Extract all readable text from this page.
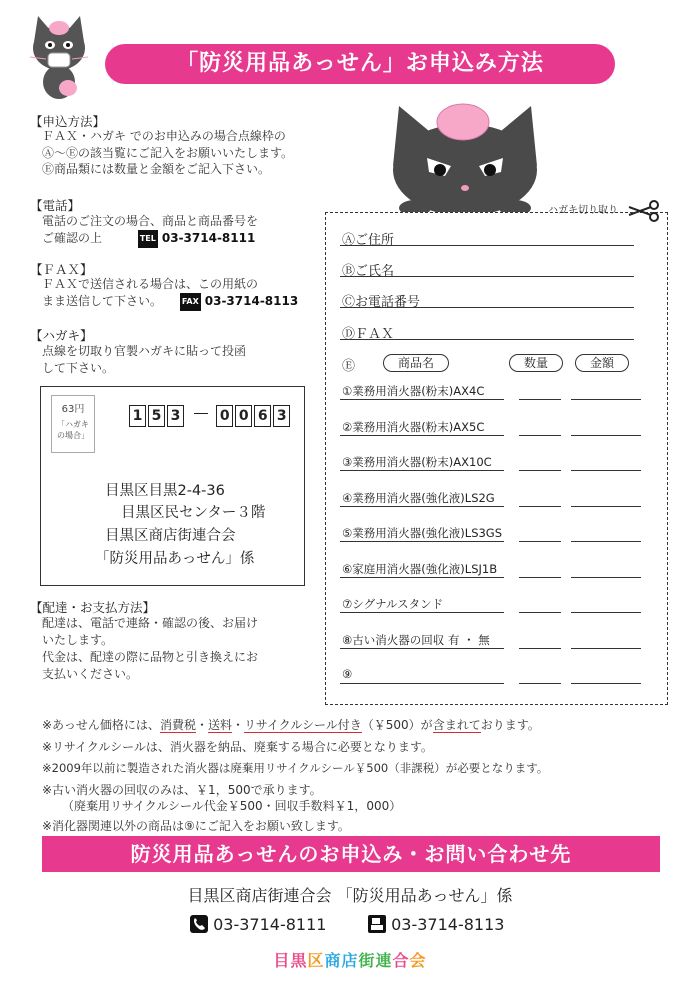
「防災用品あっせん」お申込み方法
【申込方法】
ＦＡＸ・ハガキ でのお申込みの場合点線枠の
Ⓐ〜Ⓔの該当覧にご記入をお願いいたします。
Ⓔ商品類には数量と金額をご記入下さい。
【電話】
電話のご注文の場合、商品と商品番号を
ご確認の上	TEL 03-3714-8111
【ＦＡＸ】
ＦＡＸで送信される場合は、この用紙の
まま送信して下さい。 FAX 03-3714-8113
【ハガキ】
点線を切取り官製ハガキに貼って投函
して下さい。
63円
「ハガキ
の場合」
1 5 3	0 0 6 3
目黒区目黒2-4-36
目黒区民センター３階
目黒区商店街連合会
「防災用品あっせん」係
【配達・お支払方法】
配達は、電話で連絡・確認の後、お届け
いたします。
代金は、配達の際に品物と引き換えにお
支払いください。
ハガキ切り取り
Ⓐご住所
Ⓑご氏名
Ⓒお電話番号
ⒹＦＡＸ
Ⓔ	商品名	数量	金額
①業務用消火器(粉末)AX4C
②業務用消火器(粉末)AX5C
③業務用消火器(粉末)AX10C
④業務用消火器(強化液)LS2G
⑤業務用消火器(強化液)LS3GS
⑥家庭用消火器(強化液)LSJ1B
⑦シグナルスタンド
⑧古い消火器の回収 有 ・ 無
⑨
※あっせん価格には、消費税・送料・リサイクルシール付き（￥500）が含まれております。
※リサイクルシールは、消火器を納品、廃棄する場合に必要となります。
※2009年以前に製造された消火器は廃棄用リサイクルシール￥500（非課税）が必要となります。
※古い消火器の回収のみは、￥1，500で承ります。
（廃棄用リサイクルシール代金￥500・回収手数料￥1，000）
※消化器関連以外の商品は⑨にご記入をお願い致します。
防災用品あっせんのお申込み・お問い合わせ先
目黒区商店街連合会 「防災用品あっせん」係
03-3714-8111	03-3714-8113
目黒区商店街連合会
